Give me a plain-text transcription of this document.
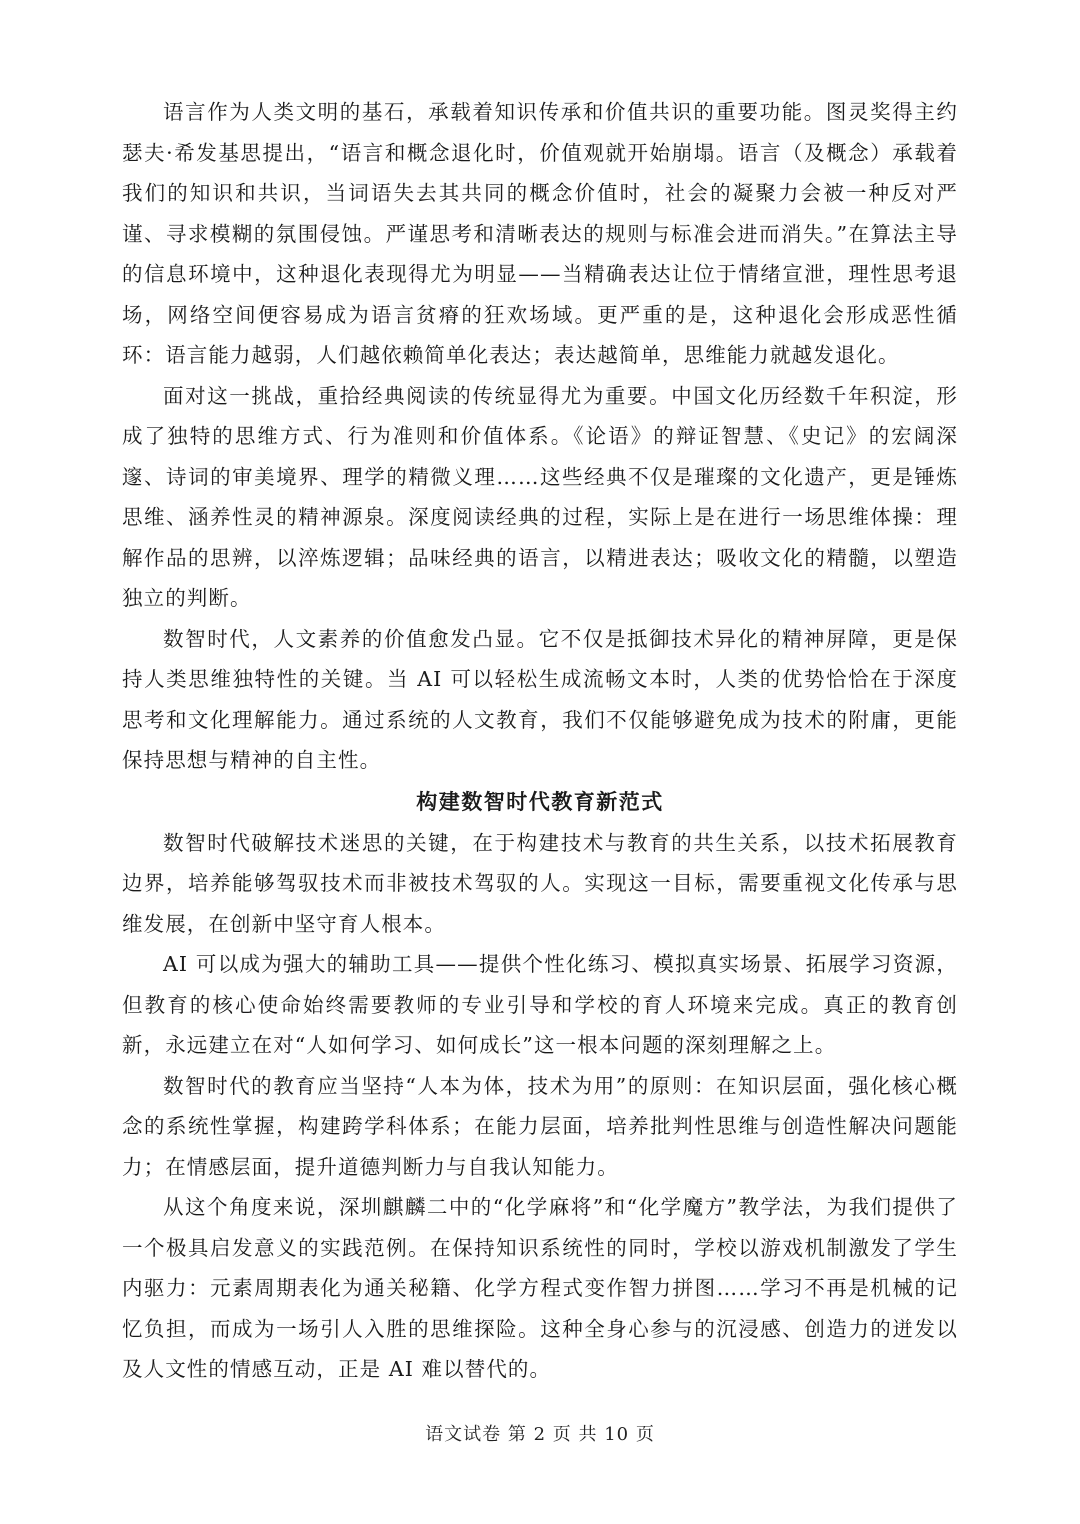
语言作为人类文明的基石，承载着知识传承和价值共识的重要功能。图灵奖得主约瑟夫·希发基思提出，“语言和概念退化时，价值观就开始崩塌。语言（及概念）承载着我们的知识和共识，当词语失去其共同的概念价值时，社会的凝聚力会被一种反对严谨、寻求模糊的氛围侵蚀。严谨思考和清晰表达的规则与标准会进而消失。”在算法主导的信息环境中，这种退化表现得尤为明显——当精确表达让位于情绪宣泄，理性思考退场，网络空间便容易成为语言贫瘠的狂欢场域。更严重的是，这种退化会形成恶性循环：语言能力越弱，人们越依赖简单化表达；表达越简单，思维能力就越发退化。

面对这一挑战，重拾经典阅读的传统显得尤为重要。中国文化历经数千年积淀，形成了独特的思维方式、行为准则和价值体系。《论语》的辩证智慧、《史记》的宏阔深邃、诗词的审美境界、理学的精微义理……这些经典不仅是璀璨的文化遗产，更是锤炼思维、涵养性灵的精神源泉。深度阅读经典的过程，实际上是在进行一场思维体操：理解作品的思辨，以淬炼逻辑；品味经典的语言，以精进表达；吸收文化的精髓，以塑造独立的判断。

数智时代，人文素养的价值愈发凸显。它不仅是抵御技术异化的精神屏障，更是保持人类思维独特性的关键。当 AI 可以轻松生成流畅文本时，人类的优势恰恰在于深度思考和文化理解能力。通过系统的人文教育，我们不仅能够避免成为技术的附庸，更能保持思想与精神的自主性。

构建数智时代教育新范式

数智时代破解技术迷思的关键，在于构建技术与教育的共生关系，以技术拓展教育边界，培养能够驾驭技术而非被技术驾驭的人。实现这一目标，需要重视文化传承与思维发展，在创新中坚守育人根本。

AI 可以成为强大的辅助工具——提供个性化练习、模拟真实场景、拓展学习资源，但教育的核心使命始终需要教师的专业引导和学校的育人环境来完成。真正的教育创新，永远建立在对“人如何学习、如何成长”这一根本问题的深刻理解之上。

数智时代的教育应当坚持“人本为体，技术为用”的原则：在知识层面，强化核心概念的系统性掌握，构建跨学科体系；在能力层面，培养批判性思维与创造性解决问题能力；在情感层面，提升道德判断力与自我认知能力。

从这个角度来说，深圳麒麟二中的“化学麻将”和“化学魔方”教学法，为我们提供了一个极具启发意义的实践范例。在保持知识系统性的同时，学校以游戏机制激发了学生内驱力：元素周期表化为通关秘籍、化学方程式变作智力拼图……学习不再是机械的记忆负担，而成为一场引人入胜的思维探险。这种全身心参与的沉浸感、创造力的迸发以及人文性的情感互动，正是 AI 难以替代的。

语文试卷 第 2 页 共 10 页
